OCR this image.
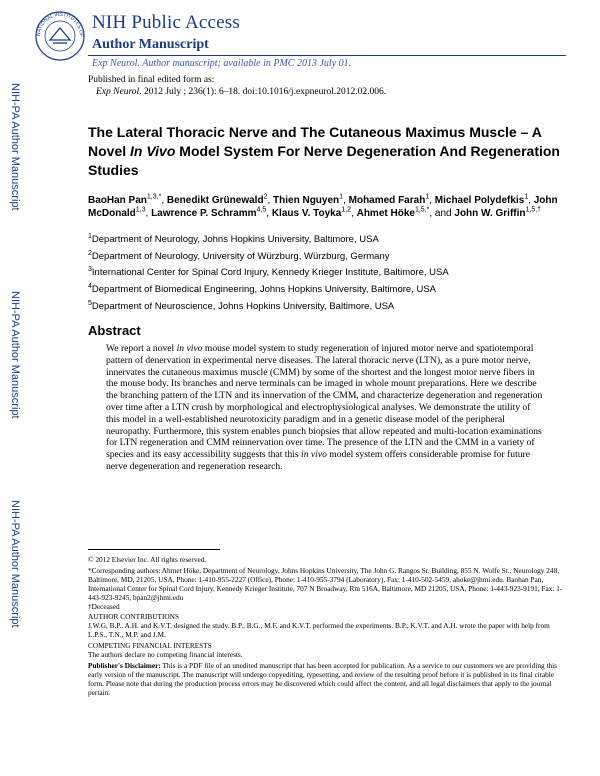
NATIONAL INSTITUTES OF
NIH Public Access
Author Manuscript
Exp Neurol. Author manuscript; available in PMC 2013 July 01.
Published in final edited form as:
Exp Neurol. 2012 July ; 236(1): 6–18. doi:10.1016/j.expneurol.2012.02.006.
NIH-PA Author Manuscript
NIH-PA Author Manuscript
NIH-PA Author Manuscript
The Lateral Thoracic Nerve and The Cutaneous Maximus Muscle – A Novel In Vivo Model System For Nerve Degeneration And Regeneration Studies
BaoHan Pan$^{1,3,*}$, Benedikt Grünewald$^2$, Thien Nguyen$^1$, Mohamed Farah$^1$, Michael Polydefkis$^1$, John McDonald$^{1,3}$, Lawrence P. Schramm$^{4,5}$, Klaus V. Toyka$^{1,2}$, Ahmet Höke$^{1,5,*}$, and John W. Griffin$^{1,5,\dagger}$
$^1$Department of Neurology, Johns Hopkins University, Baltimore, USA
$^2$Department of Neurology, University of Würzburg, Würzburg, Germany
$^3$International Center for Spinal Cord Injury, Kennedy Krieger Institute, Baltimore, USA
$^4$Department of Biomedical Engineering, Johns Hopkins University, Baltimore, USA
$^5$Department of Neuroscience, Johns Hopkins University, Baltimore, USA
Abstract

We report a novel in vivo mouse model system to study regeneration of injured motor nerve and spatiotemporal pattern of denervation in experimental nerve diseases. The lateral thoracic nerve (LTN), as a pure motor nerve, innervates the cutaneous maximus muscle (CMM) by some of the shortest and the longest motor nerve fibers in the mouse body. Its branches and nerve terminals can be imaged in whole mount preparations. Here we describe the branching pattern of the LTN and its innervation of the CMM, and characterize degeneration and regeneration over time after a LTN crush by morphological and electrophysiological analyses. We demonstrate the utility of this model in a well-established neurotoxicity paradigm and in a genetic disease model of the peripheral neuropathy. Furthermore, this system enables punch biopsies that allow repeated and multi-location examinations for LTN regeneration and CMM reinnervation over time. The presence of the LTN and the CMM in a variety of species and its easy accessibility suggests that this in vivo model system offers considerable promise for future nerve degeneration and regeneration research.

© 2012 Elsevier Inc. All rights reserved.

*Corresponding authors: Ahmet Höke, Department of Neurology, Johns Hopkins University, The John G. Rangos Sr. Building, 855 N. Wolfe St., Neurology 248, Baltimore, MD, 21205, USA, Phone: 1-410-955-2227 (Office), Phone: 1-410-955-3794 (Laboratory), Fax: 1-410-502-5459, ahoke@jhmi.edu. Baohan Pan, International Center for Spinal Cord Injury, Kennedy Krieger Institute, 707 N Broadway, Rm 516A, Baltimore, MD 21205, USA, Phone: 1-443-923-9191, Fax: 1-443-923-9245, bpan2@jhmi.edu

†Deceased

AUTHOR CONTRIBUTIONS

J.W.G, B.P., A.H. and K.V.T. designed the study. B.P., B.G., M.F. and K.V.T. performed the experiments. B.P., K.V.T. and A.H. wrote the paper with help from L.P.S., T.N., M.P. and J.M.

COMPETING FINANCIAL INTERESTS

The authors declare no competing financial interests.

Publisher's Disclaimer: This is a PDF file of an unedited manuscript that has been accepted for publication. As a service to our customers we are providing this early version of the manuscript. The manuscript will undergo copyediting, typesetting, and review of the resulting proof before it is published in its final citable form. Please note that during the production process errors may be discovered which could affect the content, and all legal disclaimers that apply to the journal pertain.
